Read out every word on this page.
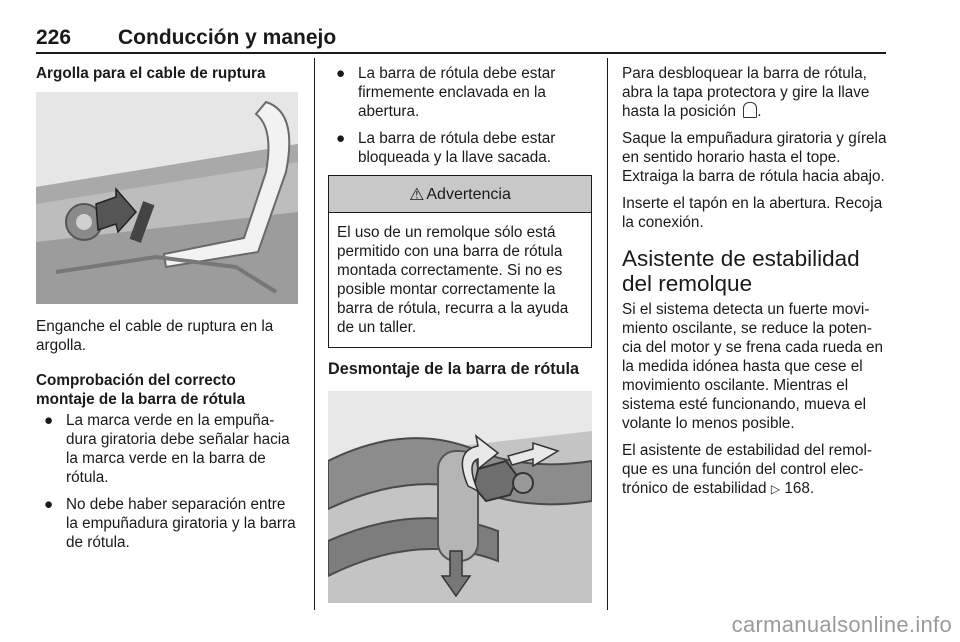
226 Conducción y manejo

Argolla para el cable de ruptura

Enganche el cable de ruptura en la argolla.

Comprobación del correcto montaje de la barra de rótula

● La marca verde en la empuña-dura giratoria debe señalar hacia la marca verde en la barra de rótula.
● No debe haber separación entre la empuñadura giratoria y la barra de rótula.
● La barra de rótula debe estar firmemente enclavada en la abertura.
● La barra de rótula debe estar bloqueada y la llave sacada.
⚠ Advertencia
El uso de un remolque sólo está permitido con una barra de rótula montada correctamente. Si no es posible montar correctamente la barra de rótula, recurra a la ayuda de un taller.

Desmontaje de la barra de rótula

Para desbloquear la barra de rótula, abra la tapa protectora y gire la llave hasta la posición .

Saque la empuñadura giratoria y gírela en sentido horario hasta el tope. Extraiga la barra de rótula hacia abajo.

Inserte el tapón en la abertura. Recoja la conexión.

Asistente de estabilidad del remolque

Si el sistema detecta un fuerte movi-miento oscilante, se reduce la poten-cia del motor y se frena cada rueda en la medida idónea hasta que cese el movimiento oscilante. Mientras el sistema esté funcionando, mueva el volante lo menos posible.

El asistente de estabilidad del remol-que es una función del control elec-trónico de estabilidad ▷ 168.

carmanualsonline.info
